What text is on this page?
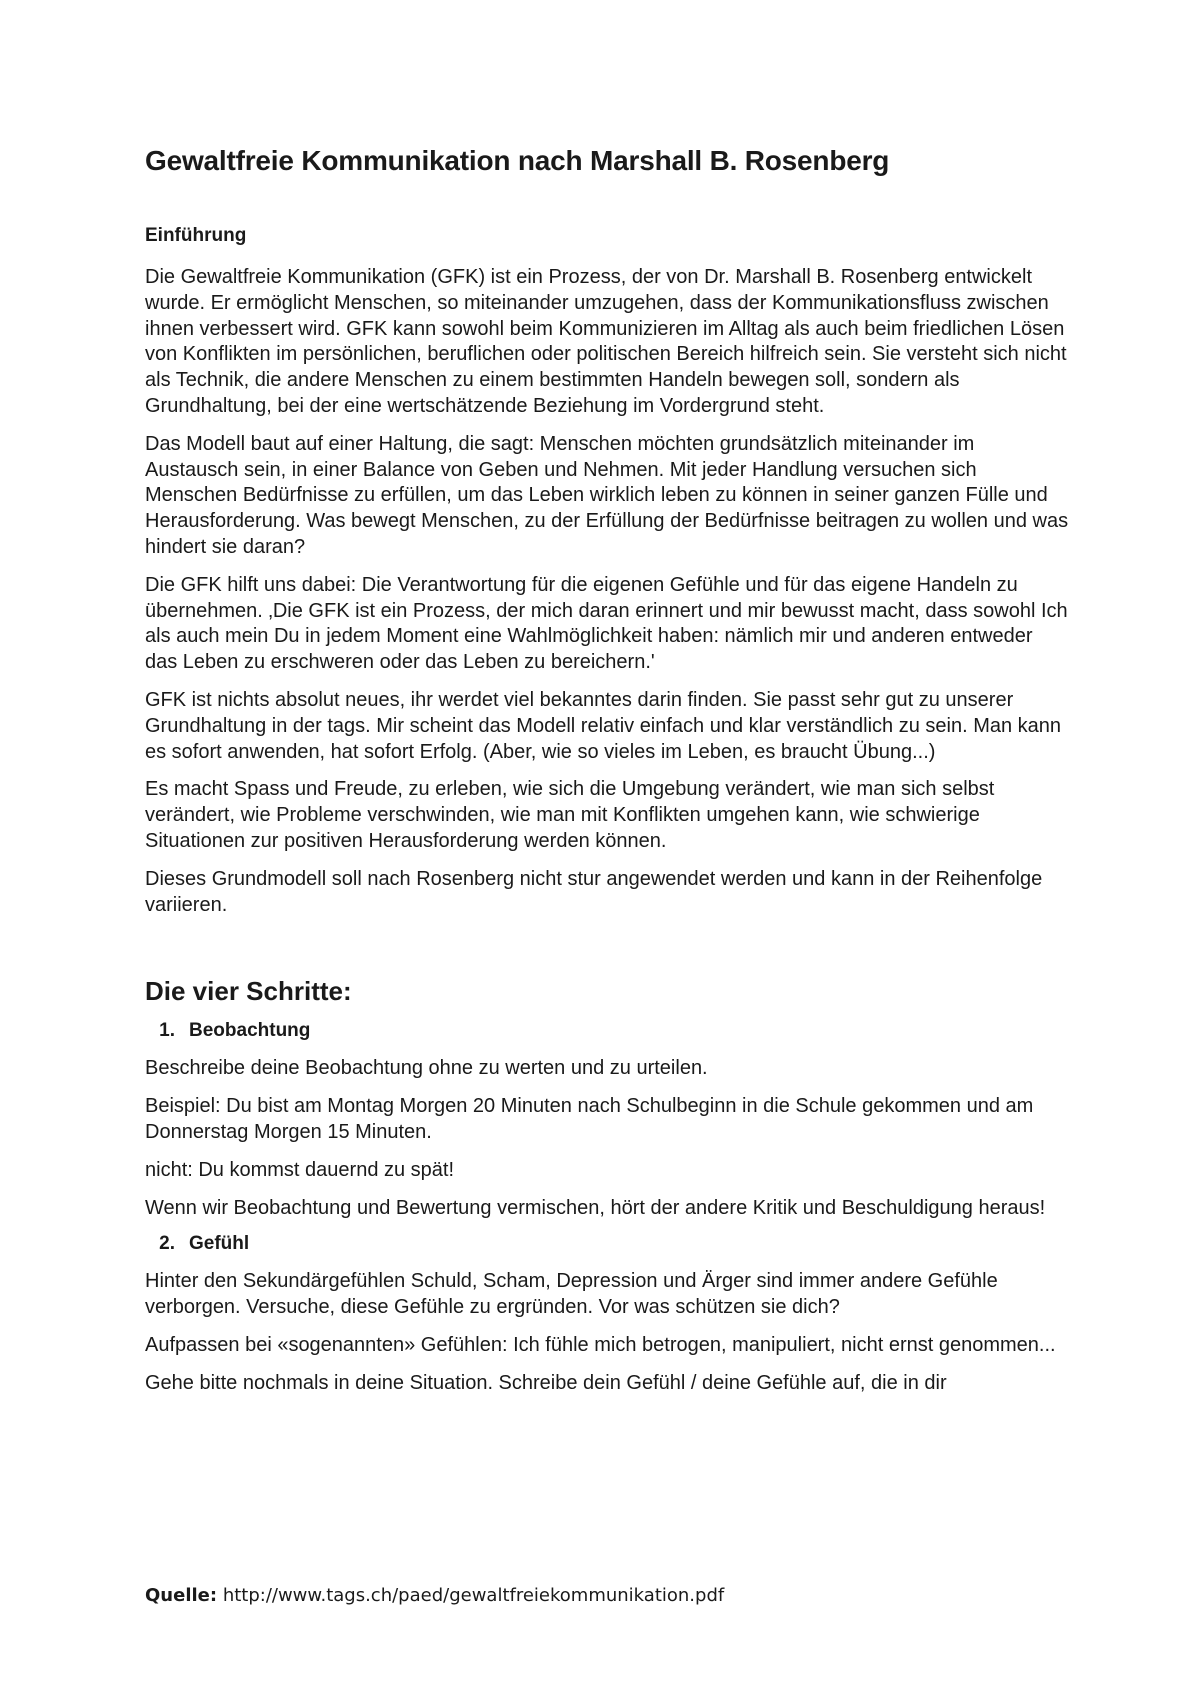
Gewaltfreie Kommunikation nach Marshall B. Rosenberg
Einführung

Die Gewaltfreie Kommunikation (GFK) ist ein Prozess, der von Dr. Marshall B. Rosenberg entwickelt wurde. Er ermöglicht Menschen, so miteinander umzugehen, dass der Kommunikationsfluss zwischen ihnen verbessert wird. GFK kann sowohl beim Kommunizieren im Alltag als auch beim friedlichen Lösen von Konflikten im persönlichen, beruflichen oder politischen Bereich hilfreich sein. Sie versteht sich nicht als Technik, die andere Menschen zu einem bestimmten Handeln bewegen soll, sondern als Grundhaltung, bei der eine wertschätzende Beziehung im Vordergrund steht.

Das Modell baut auf einer Haltung, die sagt: Menschen möchten grundsätzlich miteinander im Austausch sein, in einer Balance von Geben und Nehmen. Mit jeder Handlung versuchen sich Menschen Bedürfnisse zu erfüllen, um das Leben wirklich leben zu können in seiner ganzen Fülle und Herausforderung. Was bewegt Menschen, zu der Erfüllung der Bedürfnisse beitragen zu wollen und was hindert sie daran?

Die GFK hilft uns dabei: Die Verantwortung für die eigenen Gefühle und für das eigene Handeln zu übernehmen. ‚Die GFK ist ein Prozess, der mich daran erinnert und mir bewusst macht, dass sowohl Ich als auch mein Du in jedem Moment eine Wahlmöglichkeit haben: nämlich mir und anderen entweder das Leben zu erschweren oder das Leben zu bereichern.'

GFK ist nichts absolut neues, ihr werdet viel bekanntes darin finden. Sie passt sehr gut zu unserer Grundhaltung in der tags. Mir scheint das Modell relativ einfach und klar verständlich zu sein. Man kann es sofort anwenden, hat sofort Erfolg. (Aber, wie so vieles im Leben, es braucht Übung...)

Es macht Spass und Freude, zu erleben, wie sich die Umgebung verändert, wie man sich selbst verändert, wie Probleme verschwinden, wie man mit Konflikten umgehen kann, wie schwierige Situationen zur positiven Herausforderung werden können.

Dieses Grundmodell soll nach Rosenberg nicht stur angewendet werden und kann in der Reihenfolge variieren.

Die vier Schritte:
1. Beobachtung

Beschreibe deine Beobachtung ohne zu werten und zu urteilen.

Beispiel: Du bist am Montag Morgen 20 Minuten nach Schulbeginn in die Schule gekommen und am Donnerstag Morgen 15 Minuten.

nicht: Du kommst dauernd zu spät!

Wenn wir Beobachtung und Bewertung vermischen, hört der andere Kritik und Beschuldigung heraus!

2. Gefühl

Hinter den Sekundärgefühlen Schuld, Scham, Depression und Ärger sind immer andere Gefühle verborgen. Versuche, diese Gefühle zu ergründen. Vor was schützen sie dich?

Aufpassen bei «sogenannten» Gefühlen: Ich fühle mich betrogen, manipuliert, nicht ernst genommen...

Gehe bitte nochmals in deine Situation. Schreibe dein Gefühl / deine Gefühle auf, die in dir

Quelle: http://www.tags.ch/paed/gewaltfreiekommunikation.pdf
